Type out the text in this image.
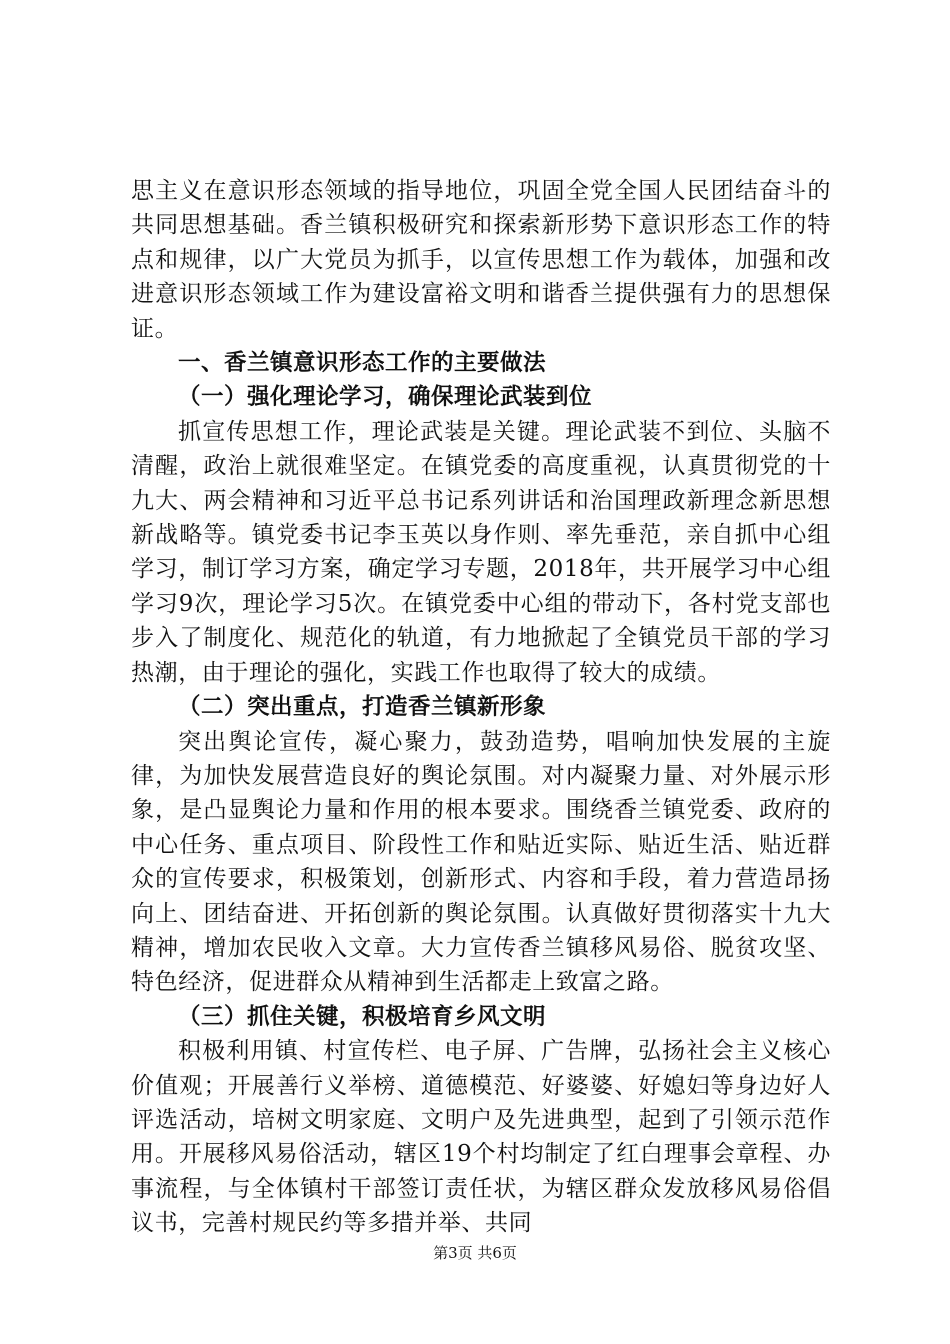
思主义在意识形态领域的指导地位，巩固全党全国人民团结奋斗的共同思想基础。香兰镇积极研究和探索新形势下意识形态工作的特点和规律，以广大党员为抓手，以宣传思想工作为载体，加强和改进意识形态领域工作为建设富裕文明和谐香兰提供强有力的思想保证。

一、香兰镇意识形态工作的主要做法

（一）强化理论学习，确保理论武装到位

抓宣传思想工作，理论武装是关键。理论武装不到位、头脑不清醒，政治上就很难坚定。在镇党委的高度重视，认真贯彻党的十九大、两会精神和习近平总书记系列讲话和治国理政新理念新思想新战略等。镇党委书记李玉英以身作则、率先垂范，亲自抓中心组学习，制订学习方案，确定学习专题，2018年，共开展学习中心组学习9次，理论学习5次。在镇党委中心组的带动下，各村党支部也步入了制度化、规范化的轨道，有力地掀起了全镇党员干部的学习热潮，由于理论的强化，实践工作也取得了较大的成绩。

（二）突出重点，打造香兰镇新形象

突出舆论宣传，凝心聚力，鼓劲造势，唱响加快发展的主旋律，为加快发展营造良好的舆论氛围。对内凝聚力量、对外展示形象，是凸显舆论力量和作用的根本要求。围绕香兰镇党委、政府的中心任务、重点项目、阶段性工作和贴近实际、贴近生活、贴近群众的宣传要求，积极策划，创新形式、内容和手段，着力营造昂扬向上、团结奋进、开拓创新的舆论氛围。认真做好贯彻落实十九大精神，增加农民收入文章。大力宣传香兰镇移风易俗、脱贫攻坚、特色经济，促进群众从精神到生活都走上致富之路。

（三）抓住关键，积极培育乡风文明

积极利用镇、村宣传栏、电子屏、广告牌，弘扬社会主义核心价值观；开展善行义举榜、道德模范、好婆婆、好媳妇等身边好人评选活动，培树文明家庭、文明户及先进典型，起到了引领示范作用。开展移风易俗活动，辖区19个村均制定了红白理事会章程、办事流程，与全体镇村干部签订责任状，为辖区群众发放移风易俗倡议书，完善村规民约等多措并举、共同

第3页 共6页
